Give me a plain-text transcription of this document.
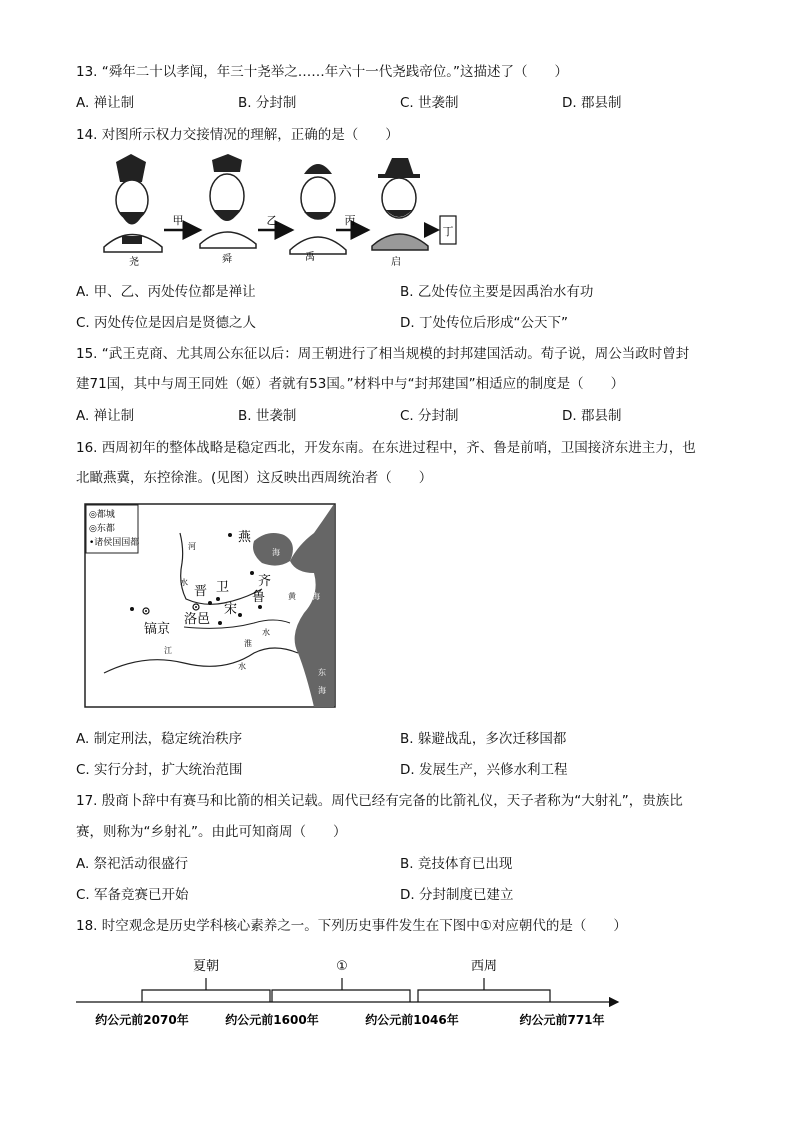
13. “舜年二十以孝闻，年三十尧举之……年六十一代尧践帝位。”这描述了（　　）
A. 禅让制	B. 分封制	C. 世袭制	D. 郡县制
14. 对图所示权力交接情况的理解，正确的是（　　）
尧
甲
舜
乙
禹
丙
启
丁
A. 甲、乙、丙处传位都是禅让	B. 乙处传位主要是因禹治水有功
C. 丙处传位是因启是贤德之人	D. 丁处传位后形成“公天下”
15. “武王克商、尤其周公东征以后：周王朝进行了相当规模的封邦建国活动。荀子说，周公当政时曾封
建71国，其中与周王同姓（姬）者就有53国。”材料中与“封邦建国”相适应的制度是（　　）
A. 禅让制	B. 世袭制	C. 分封制	D. 郡县制
16. 西周初年的整体战略是稳定西北，开发东南。在东进过程中，齐、鲁是前哨，卫国接济东进主力，也
北瞰燕冀，东控徐淮。(见图）这反映出西周统治者（　　）
◎都城
◎东都
•诸侯国国都	燕
晋 卫 齐
鲁
宋
洛邑
镐京
渤
海
黄 海
河
水
淮
水
江
水
东
海
A. 制定刑法，稳定统治秩序	B. 躲避战乱，多次迁移国都
C. 实行分封，扩大统治范围	D. 发展生产，兴修水利工程
17. 殷商卜辞中有赛马和比箭的相关记载。周代已经有完备的比箭礼仪，天子者称为“大射礼”，贵族比
赛，则称为“乡射礼”。由此可知商周（　　）
A. 祭祀活动很盛行	B. 竞技体育已出现
C. 军备竞赛已开始	D. 分封制度已建立
18. 时空观念是历史学科核心素养之一。下列历史事件发生在下图中①对应朝代的是（　　）
夏朝	①	西周
约公元前2070年	约公元前1600年	约公元前1046年	约公元前771年
